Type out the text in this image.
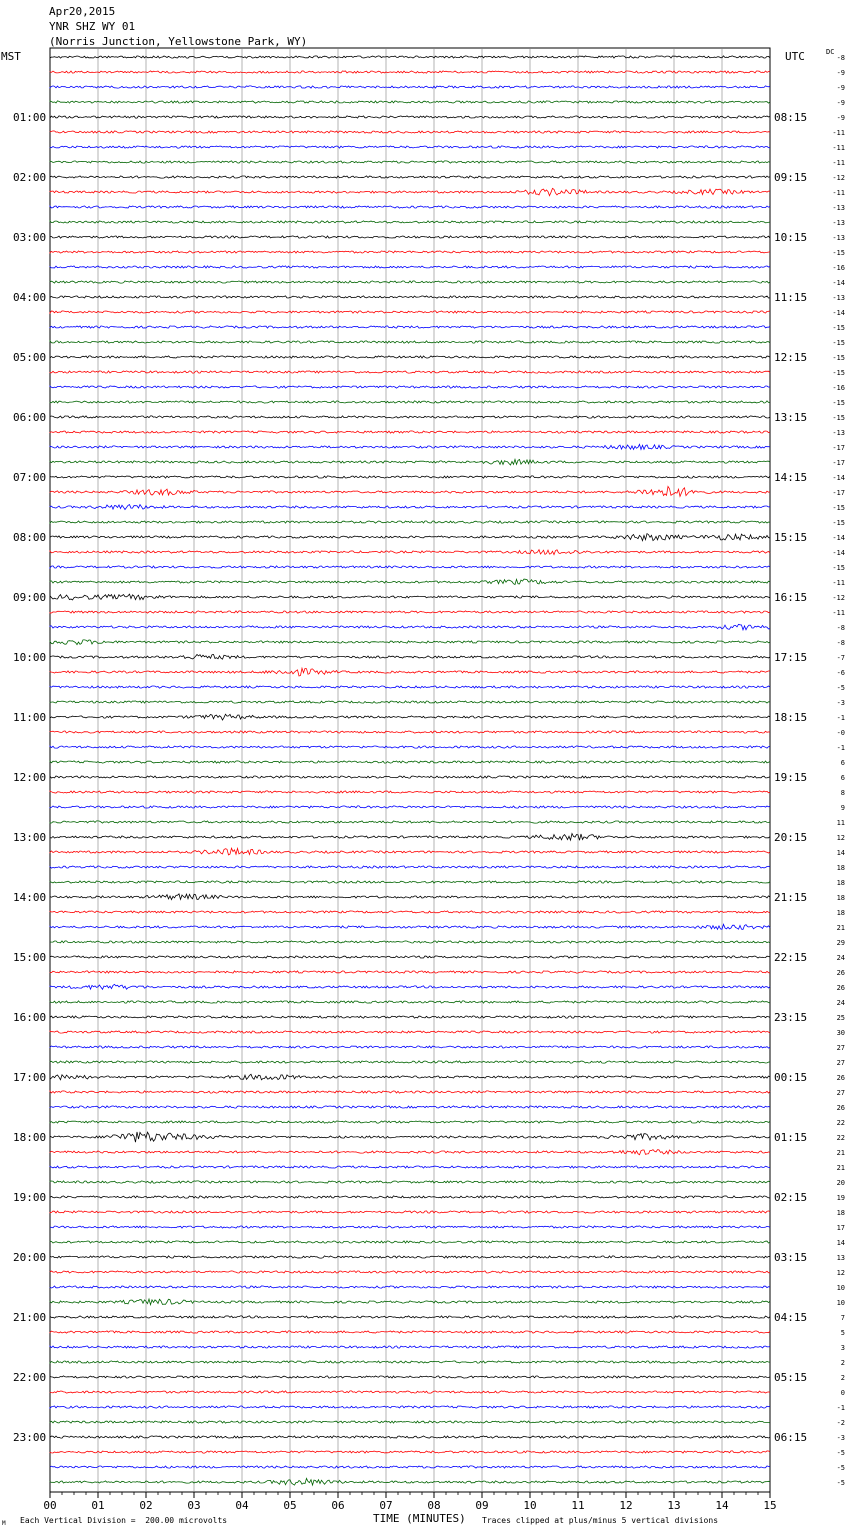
Apr20,2015
YNR SHZ WY 01
(Norris Junction, Yellowstone Park, WY)
MST	UTC	DC
-8
-9
-9
-9
-9
-11
-11
-11
-12
-11
-13
-13
-13
-15
-16
-14
-13
-14
-15
-15
-15
-15
-16
-15
-15
-13
-17
-17
-14
-17
-15
-15
-14
-14
-15
-11
-12
-11
-8
-8
-7
-6
-5
-3
-1
-0
-1
6
6
8
9
11
12
14
18
18
18
18
21
29
24
26
26
24
25
30
27
27
26
27
26
22
22
21
21
20
19
18
17
14
13
12
10
10
7
5
3
2
2
0
-1
-2
-3
-5
-5
-5
01:00	08:15
02:00	09:15
03:00	10:15
04:00	11:15
05:00	12:15
06:00	13:15
07:00	14:15
08:00	15:15
09:00	16:15
10:00	17:15
11:00	18:15
12:00	19:15
13:00	20:15
14:00	21:15
15:00	22:15
16:00	23:15
17:00	00:15
18:00	01:15
19:00	02:15
20:00	03:15
21:00	04:15
22:00	05:15
23:00	06:15
00	01	02	03	04	05	06	07	08	09	10	11	12	13	14	15
TIME (MINUTES)
Each Vertical Division =  200.00 microvolts	Traces clipped at plus/minus 5 vertical divisions
M
